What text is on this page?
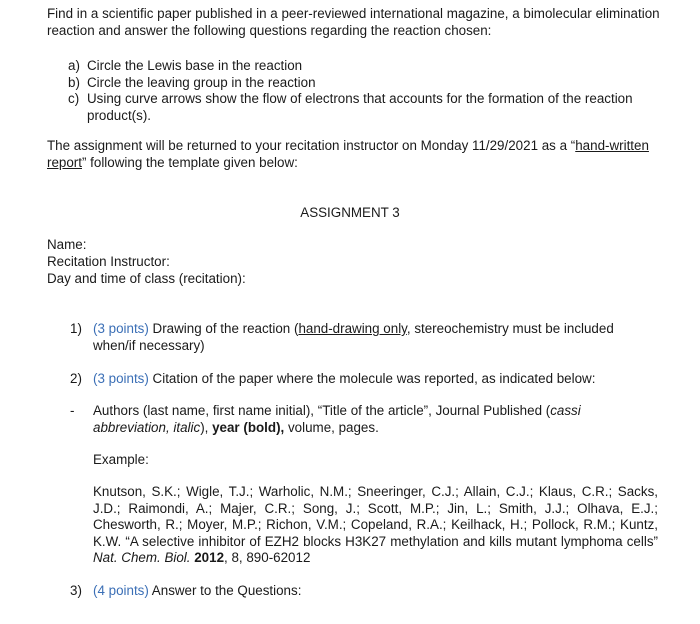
Find in a scientific paper published in a peer-reviewed international magazine, a bimolecular elimination reaction and answer the following questions regarding the reaction chosen:

a) Circle the Lewis base in the reaction
b) Circle the leaving group in the reaction
c) Using curve arrows show the flow of electrons that accounts for the formation of the reaction product(s).

The assignment will be returned to your recitation instructor on Monday 11/29/2021 as a “hand-written report” following the template given below:

ASSIGNMENT 3

Name:

Recitation Instructor:

Day and time of class (recitation):

1) (3 points) Drawing of the reaction (hand-drawing only, stereochemistry must be included when/if necessary)

2) (3 points) Citation of the paper where the molecule was reported, as indicated below:

- Authors (last name, first name initial), “Title of the article”, Journal Published (cassi abbreviation, italic), year (bold), volume, pages.

Example:

Knutson, S.K.; Wigle, T.J.; Warholic, N.M.; Sneeringer, C.J.; Allain, C.J.; Klaus, C.R.; Sacks, J.D.; Raimondi, A.; Majer, C.R.; Song, J.; Scott, M.P.; Jin, L.; Smith, J.J.; Olhava, E.J.; Chesworth, R.; Moyer, M.P.; Richon, V.M.; Copeland, R.A.; Keilhack, H.; Pollock, R.M.; Kuntz, K.W. “A selective inhibitor of EZH2 blocks H3K27 methylation and kills mutant lymphoma cells” Nat. Chem. Biol. 2012, 8, 890-62012

3) (4 points) Answer to the Questions:
